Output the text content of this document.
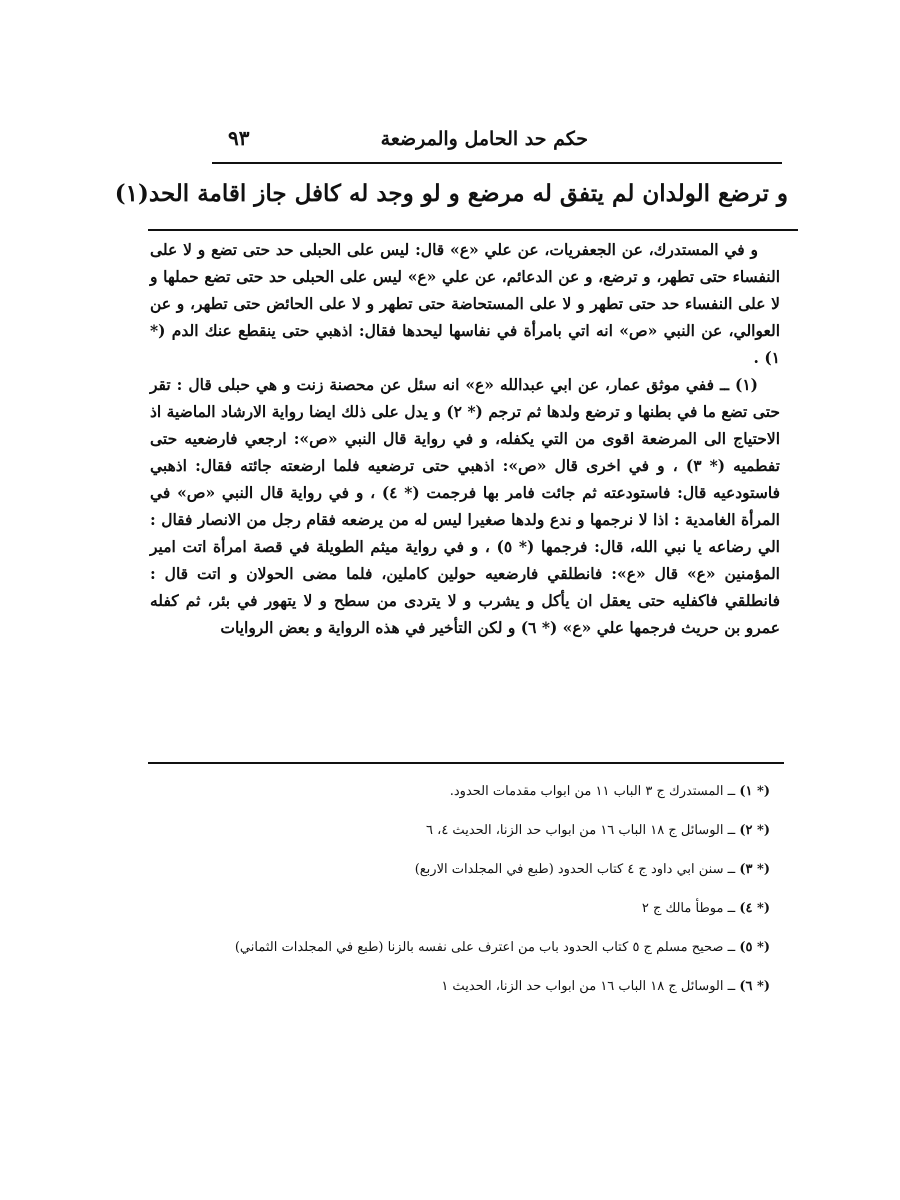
حكم حد الحامل والمرضعة
٩٣
و ترضع الولدان لم يتفق له مرضع و لو وجد له كافل جاز اقامة الحد(١)

و في المستدرك، عن الجعفريات، عن علي «ع» قال: ليس على الحبلى حد حتى تضع و لا على النفساء حتى تطهر، و ترضع، و عن الدعائم، عن علي «ع» ليس على الحبلى حد حتى تضع حملها و لا على النفساء حد حتى تطهر و لا على المستحاضة حتى تطهر و لا على الحائض حتى تطهر، و عن العوالي، عن النبي «ص» انه اتي بامرأة في نفاسها ليحدها فقال: اذهبي حتى ينقطع عنك الدم (* ١) .

(١) ــ ففي موثق عمار، عن ابي عبدالله «ع» انه سئل عن محصنة زنت و هي حبلى قال : تقر حتى تضع ما في بطنها و ترضع ولدها ثم ترجم (* ٢) و يدل على ذلك ايضا رواية الارشاد الماضية اذ الاحتياج الى المرضعة اقوى من التي يكفله، و في رواية قال النبي «ص»: ارجعي فارضعيه حتى تفطميه (* ٣) ، و في اخرى قال «ص»: اذهبي حتى ترضعيه فلما ارضعته جائته فقال: اذهبي فاستودعيه قال: فاستودعته ثم جائت فامر بها فرجمت (* ٤) ، و في رواية قال النبي «ص» في المرأة الغامدية : اذا لا نرجمها و ندع ولدها صغيرا ليس له من يرضعه فقام رجل من الانصار فقال : الي رضاعه يا نبي الله، قال: فرجمها (* ٥) ، و في رواية ميثم الطويلة في قصة امرأة اتت امير المؤمنين «ع» قال «ع»: فانطلقي فارضعيه حولين كاملين، فلما مضى الحولان و اتت قال : فانطلقي فاكفليه حتى يعقل ان يأكل و يشرب و لا يتردى من سطح و لا يتهور في بئر، ثم كفله عمرو بن حريث فرجمها علي «ع» (* ٦) و لكن التأخير في هذه الرواية و بعض الروايات

(* ١) ــ المستدرك ج ٣ الباب ١١ من ابواب مقدمات الحدود.

(* ٢) ــ الوسائل ج ١٨ الباب ١٦ من ابواب حد الزنا، الحديث ٤، ٦

(* ٣) ــ سنن ابي داود ج ٤ كتاب الحدود (طبع في المجلدات الاربع)

(* ٤) ــ موطأ مالك ج ٢

(* ٥) ــ صحيح مسلم ج ٥ كتاب الحدود باب من اعترف على نفسه بالزنا (طبع في المجلدات الثماني)

(* ٦) ــ الوسائل ج ١٨ الباب ١٦ من ابواب حد الزنا، الحديث ١
